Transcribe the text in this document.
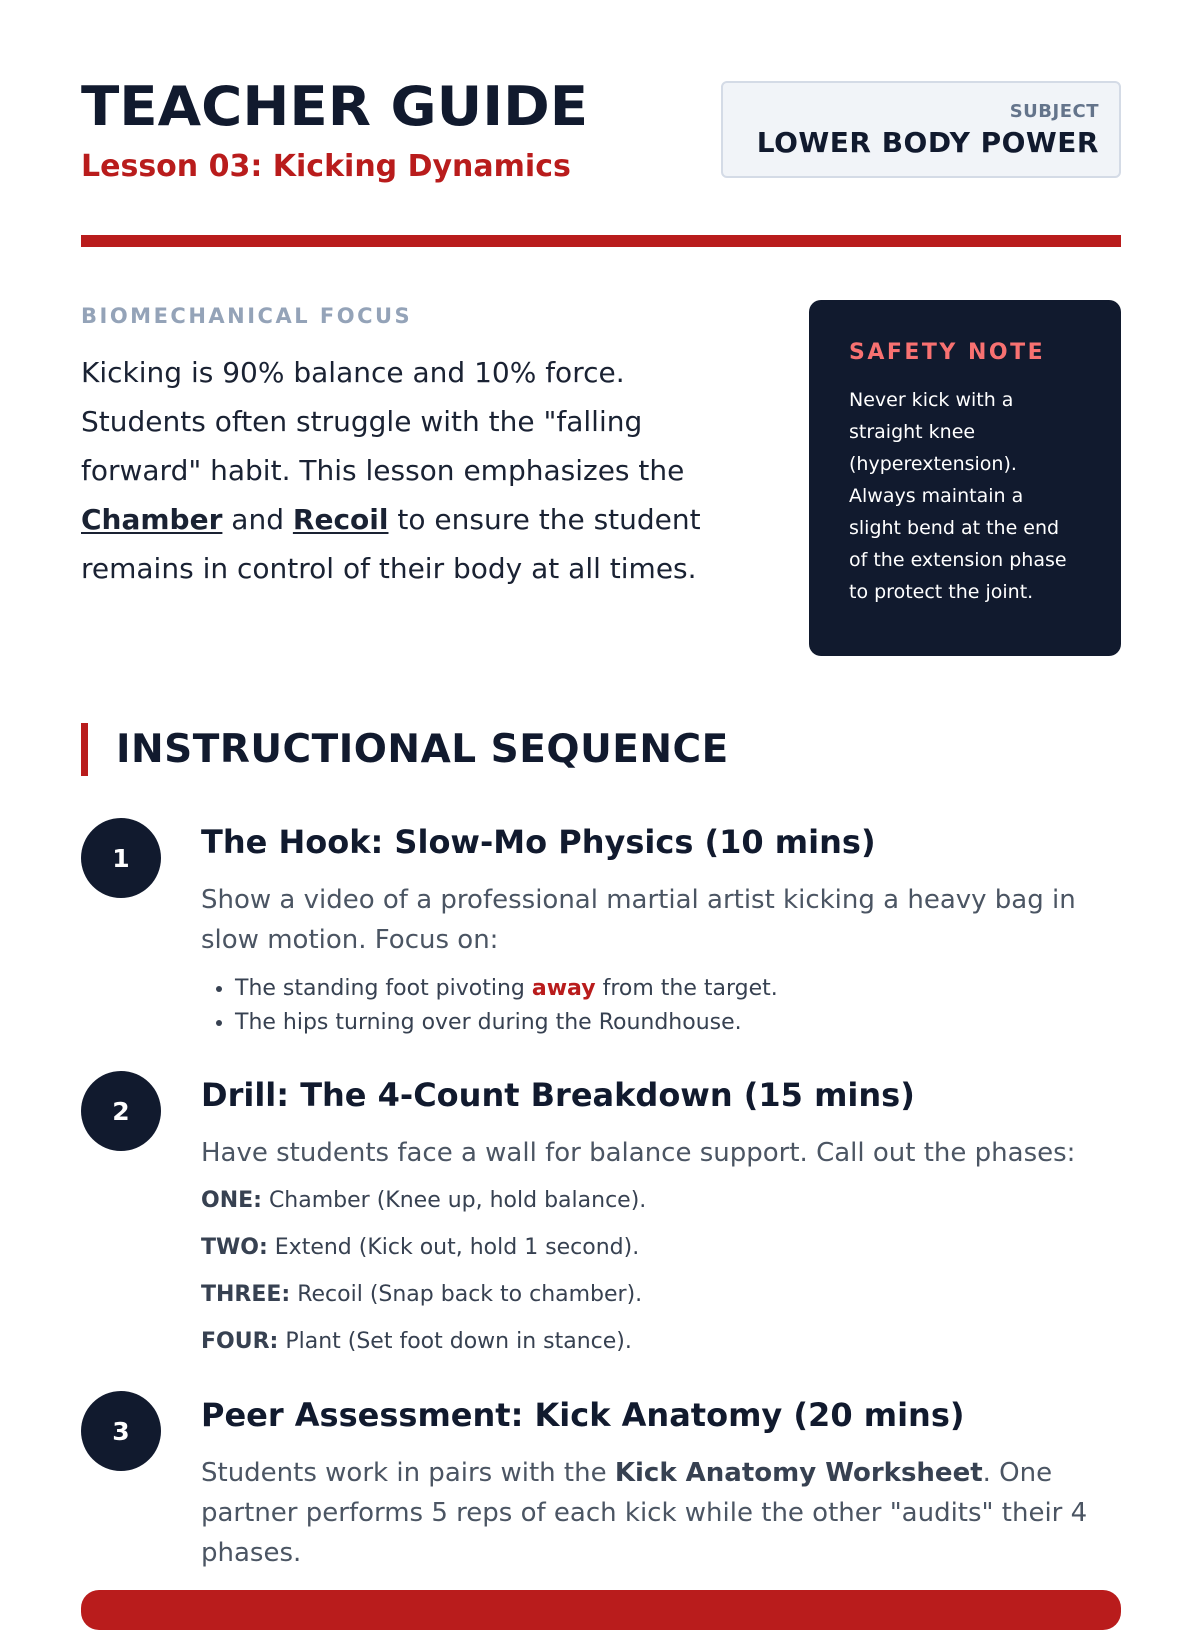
TEACHER GUIDE
Lesson 03: Kicking Dynamics
SUBJECT
LOWER BODY POWER
BIOMECHANICAL FOCUS
Kicking is 90% balance and 10% force. Students often struggle with the "falling forward" habit. This lesson emphasizes the Chamber and Recoil to ensure the student remains in control of their body at all times.
SAFETY NOTE
Never kick with a straight knee (hyperextension). Always maintain a slight bend at the end of the extension phase to protect the joint.
INSTRUCTIONAL SEQUENCE
1	The Hook: Slow-Mo Physics (10 mins)

Show a video of a professional martial artist kicking a heavy bag in slow motion. Focus on:

• The standing foot pivoting away from the target.
• The hips turning over during the Roundhouse.
2	Drill: The 4-Count Breakdown (15 mins)

Have students face a wall for balance support. Call out the phases:

ONE: Chamber (Knee up, hold balance).

TWO: Extend (Kick out, hold 1 second).

THREE: Recoil (Snap back to chamber).

FOUR: Plant (Set foot down in stance).

3	Peer Assessment: Kick Anatomy (20 mins)

Students work in pairs with the Kick Anatomy Worksheet. One partner performs 5 reps of each kick while the other "audits" their 4 phases.
